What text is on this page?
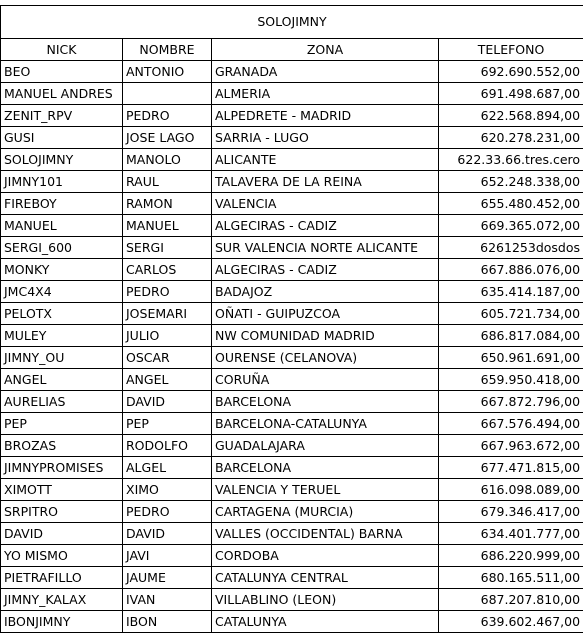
SOLOJIMNY			
NICK	NOMBRE	ZONA	TELEFONO
BEO	ANTONIO	GRANADA	692.690.552,00
MANUEL ANDRES		ALMERIA	691.498.687,00
ZENIT_RPV	PEDRO	ALPEDRETE - MADRID	622.568.894,00
GUSI	JOSE LAGO	SARRIA - LUGO	620.278.231,00
SOLOJIMNY	MANOLO	ALICANTE	622.33.66.tres.cero
JIMNY101	RAUL	TALAVERA DE LA REINA	652.248.338,00
FIREBOY	RAMON	VALENCIA	655.480.452,00
MANUEL	MANUEL	ALGECIRAS - CADIZ	669.365.072,00
SERGI_600	SERGI	SUR VALENCIA NORTE ALICANTE	6261253dosdos
MONKY	CARLOS	ALGECIRAS - CADIZ	667.886.076,00
JMC4X4	PEDRO	BADAJOZ	635.414.187,00
PELOTX	JOSEMARI	OÑATI - GUIPUZCOA	605.721.734,00
MULEY	JULIO	NW COMUNIDAD MADRID	686.817.084,00
JIMNY_OU	OSCAR	OURENSE (CELANOVA)	650.961.691,00
ANGEL	ANGEL	CORUÑA	659.950.418,00
AURELIAS	DAVID	BARCELONA	667.872.796,00
PEP	PEP	BARCELONA-CATALUNYA	667.576.494,00
BROZAS	RODOLFO	GUADALAJARA	667.963.672,00
JIMNYPROMISES	ALGEL	BARCELONA	677.471.815,00
XIMOTT	XIMO	VALENCIA Y TERUEL	616.098.089,00
SRPITRO	PEDRO	CARTAGENA (MURCIA)	679.346.417,00
DAVID	DAVID	VALLES (OCCIDENTAL) BARNA	634.401.777,00
YO MISMO	JAVI	CORDOBA	686.220.999,00
PIETRAFILLO	JAUME	CATALUNYA CENTRAL	680.165.511,00
JIMNY_KALAX	IVAN	VILLABLINO (LEON)	687.207.810,00
IBONJIMNY	IBON	CATALUNYA	639.602.467,00
